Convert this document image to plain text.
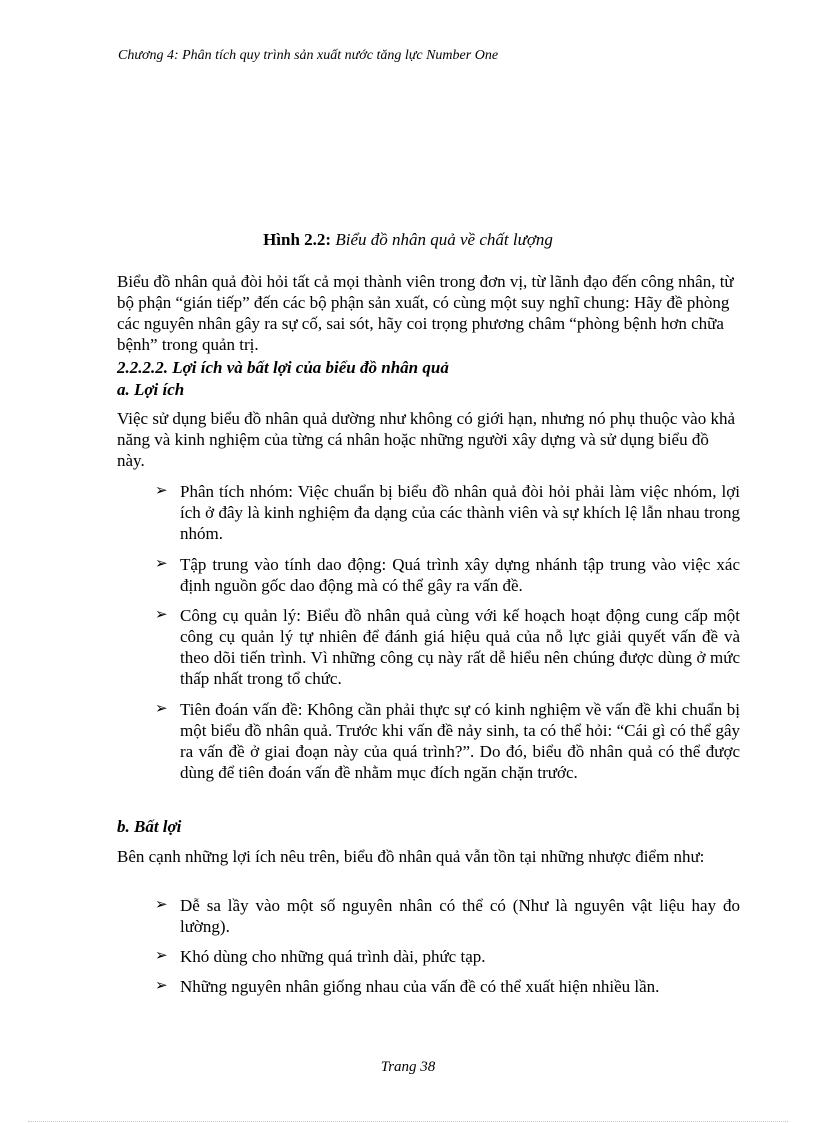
Chương 4: Phân tích quy trình sản xuất nước tăng lực Number One
Hình 2.2: Biểu đồ nhân quả về chất lượng
Biểu đồ nhân quả đòi hỏi tất cả mọi thành viên trong đơn vị, từ lãnh đạo đến công nhân, từ bộ phận “gián tiếp” đến các bộ phận sản xuất, có cùng một suy nghĩ chung: Hãy đề phòng các nguyên nhân gây ra sự cố, sai sót, hãy coi trọng phương châm “phòng bệnh hơn chữa bệnh” trong quản trị.
2.2.2.2. Lợi ích và bất lợi của biểu đồ nhân quả
a. Lợi ích
Việc sử dụng biểu đồ nhân quả dường như không có giới hạn, nhưng nó phụ thuộc vào khả năng và kinh nghiệm của từng cá nhân hoặc những người xây dựng và sử dụng biểu đồ này.
➢ Phân tích nhóm: Việc chuẩn bị biểu đồ nhân quả đòi hỏi phải làm việc nhóm, lợi ích ở đây là kinh nghiệm đa dạng của các thành viên và sự khích lệ lẫn nhau trong nhóm.
➢ Tập trung vào tính dao động: Quá trình xây dựng nhánh tập trung vào việc xác định nguồn gốc dao động mà có thể gây ra vấn đề.
➢ Công cụ quản lý: Biểu đồ nhân quả cùng với kế hoạch hoạt động cung cấp một công cụ quản lý tự nhiên để đánh giá hiệu quả của nỗ lực giải quyết vấn đề và theo dõi tiến trình. Vì những công cụ này rất dễ hiểu nên chúng được dùng ở mức thấp nhất trong tổ chức.
➢ Tiên đoán vấn đề: Không cần phải thực sự có kinh nghiệm về vấn đề khi chuẩn bị một biểu đồ nhân quả. Trước khi vấn đề nảy sinh, ta có thể hỏi: “Cái gì có thể gây ra vấn đề ở giai đoạn này của quá trình?”. Do đó, biểu đồ nhân quả có thể được dùng để tiên đoán vấn đề nhằm mục đích ngăn chặn trước.
b. Bất lợi
Bên cạnh những lợi ích nêu trên, biểu đồ nhân quả vẫn tồn tại những nhược điểm như:
➢ Dễ sa lầy vào một số nguyên nhân có thể có (Như là nguyên vật liệu hay đo lường).
➢ Khó dùng cho những quá trình dài, phức tạp.
➢ Những nguyên nhân giống nhau của vấn đề có thể xuất hiện nhiều lần.
Trang 38
